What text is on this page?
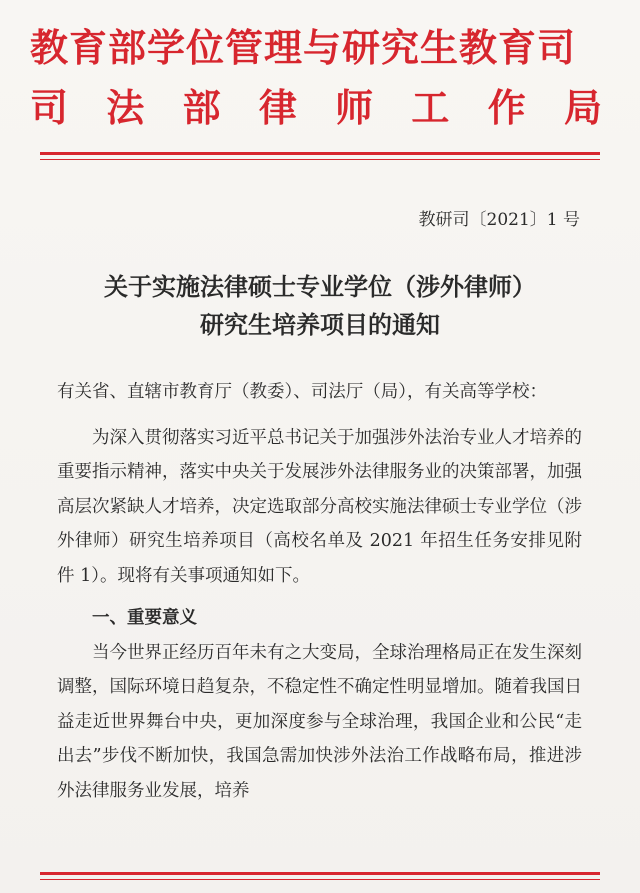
教育部学位管理与研究生教育司
司 法 部 律 师 工 作 局
教研司〔2021〕1 号
关于实施法律硕士专业学位（涉外律师）
研究生培养项目的通知

有关省、直辖市教育厅（教委）、司法厅（局），有关高等学校：

为深入贯彻落实习近平总书记关于加强涉外法治专业人才培养的重要指示精神，落实中央关于发展涉外法律服务业的决策部署，加强高层次紧缺人才培养，决定选取部分高校实施法律硕士专业学位（涉外律师）研究生培养项目（高校名单及 2021 年招生任务安排见附件 1）。现将有关事项通知如下。

一、重要意义

当今世界正经历百年未有之大变局，全球治理格局正在发生深刻调整，国际环境日趋复杂，不稳定性不确定性明显增加。随着我国日益走近世界舞台中央，更加深度参与全球治理，我国企业和公民“走出去”步伐不断加快，我国急需加快涉外法治工作战略布局，推进涉外法律服务业发展，培养
